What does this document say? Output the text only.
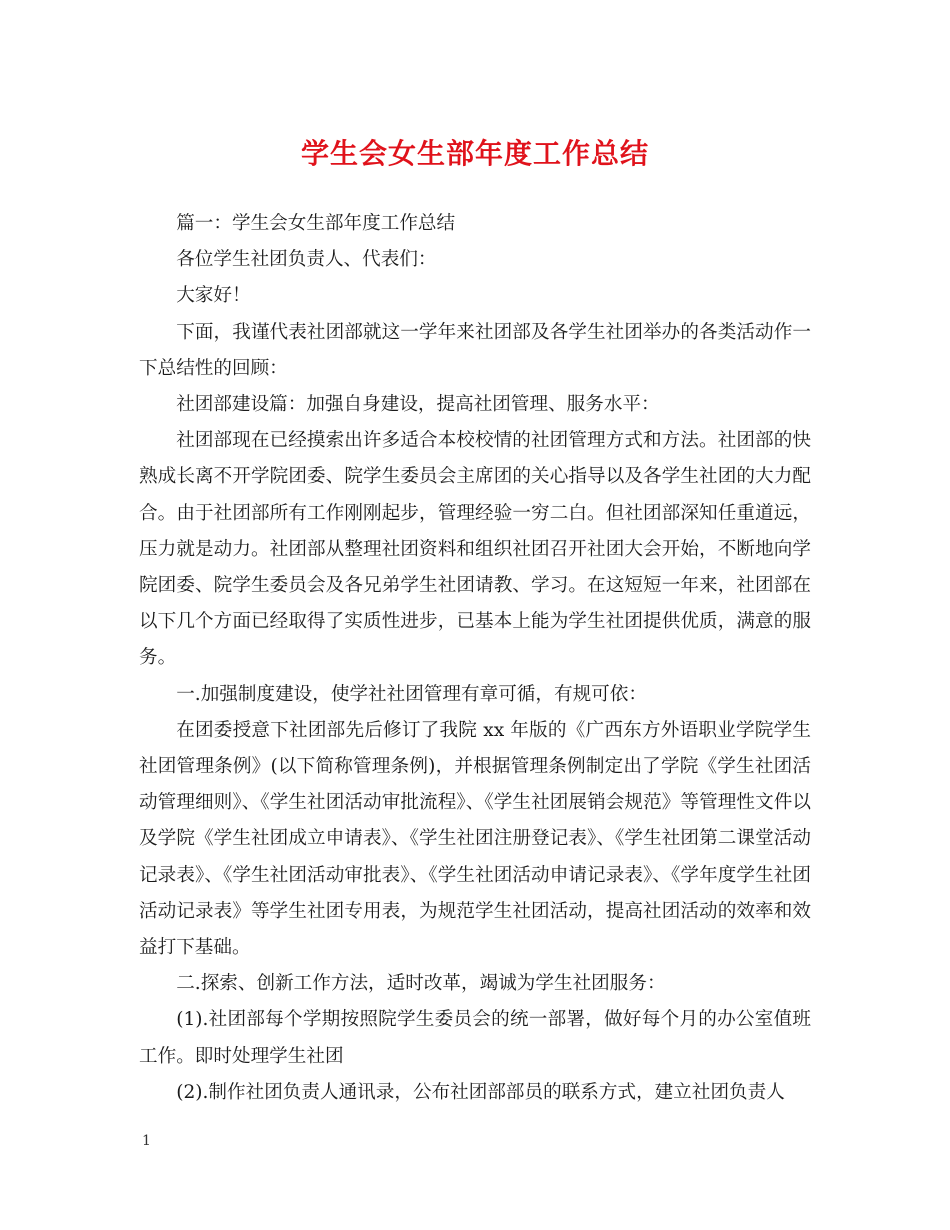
学生会女生部年度工作总结

篇一：学生会女生部年度工作总结

各位学生社团负责人、代表们：

大家好！

下面，我谨代表社团部就这一学年来社团部及各学生社团举办的各类活动作一下总结性的回顾：

社团部建设篇：加强自身建设，提高社团管理、服务水平：

社团部现在已经摸索出许多适合本校校情的社团管理方式和方法。社团部的快熟成长离不开学院团委、院学生委员会主席团的关心指导以及各学生社团的大力配合。由于社团部所有工作刚刚起步，管理经验一穷二白。但社团部深知任重道远，压力就是动力。社团部从整理社团资料和组织社团召开社团大会开始，不断地向学院团委、院学生委员会及各兄弟学生社团请教、学习。在这短短一年来，社团部在以下几个方面已经取得了实质性进步，已基本上能为学生社团提供优质，满意的服务。

一.加强制度建设，使学社社团管理有章可循，有规可依：

在团委授意下社团部先后修订了我院 xx 年版的《广西东方外语职业学院学生社团管理条例》(以下简称管理条例)，并根据管理条例制定出了学院《学生社团活动管理细则》、《学生社团活动审批流程》、《学生社团展销会规范》等管理性文件以及学院《学生社团成立申请表》、《学生社团注册登记表》、《学生社团第二课堂活动记录表》、《学生社团活动审批表》、《学生社团活动申请记录表》、《学年度学生社团活动记录表》等学生社团专用表，为规范学生社团活动，提高社团活动的效率和效益打下基础。

二.探索、创新工作方法，适时改革，竭诚为学生社团服务：

(1).社团部每个学期按照院学生委员会的统一部署，做好每个月的办公室值班工作。即时处理学生社团

(2).制作社团负责人通讯录，公布社团部部员的联系方式，建立社团负责人

1
